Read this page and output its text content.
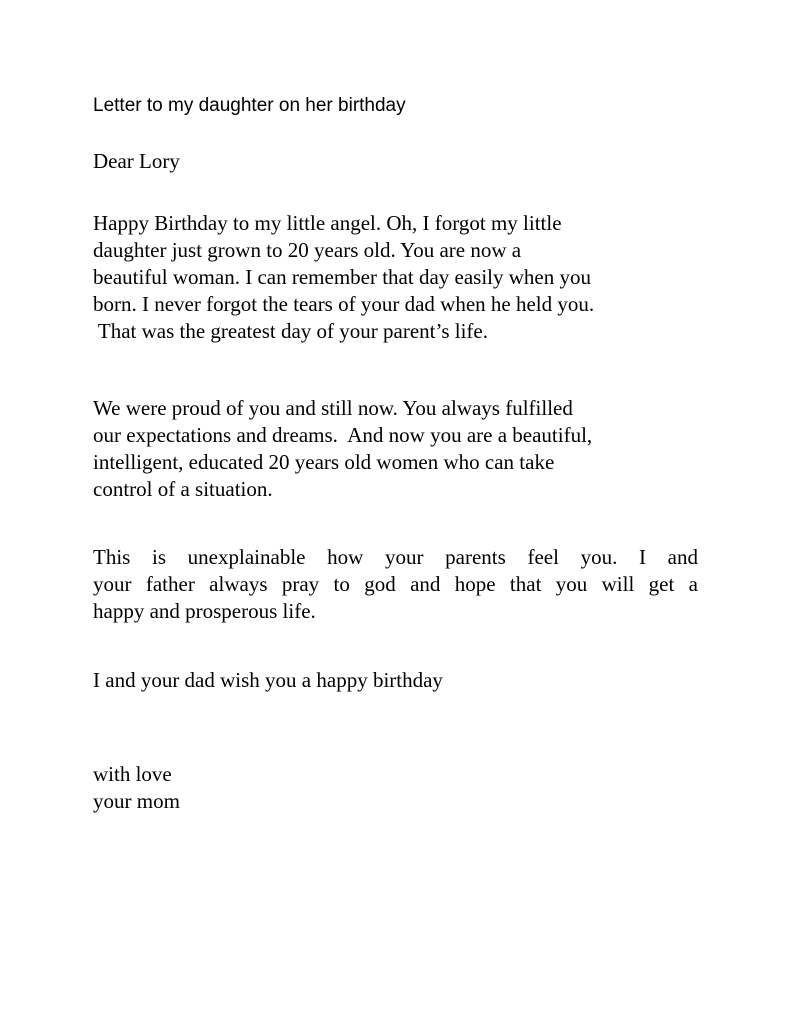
Letter to my daughter on her birthday
Dear Lory
Happy Birthday to my little angel. Oh, I forgot my little
daughter just grown to 20 years old. You are now a
beautiful woman. I can remember that day easily when you
born. I never forgot the tears of your dad when he held you.
That was the greatest day of your parent’s life.
We were proud of you and still now. You always fulfilled
our expectations and dreams.  And now you are a beautiful,
intelligent, educated 20 years old women who can take
control of a situation.
This is unexplainable how your parents feel you. I and
your father always pray to god and hope that you will get a
happy and prosperous life.
I and your dad wish you a happy birthday
with love
your mom
